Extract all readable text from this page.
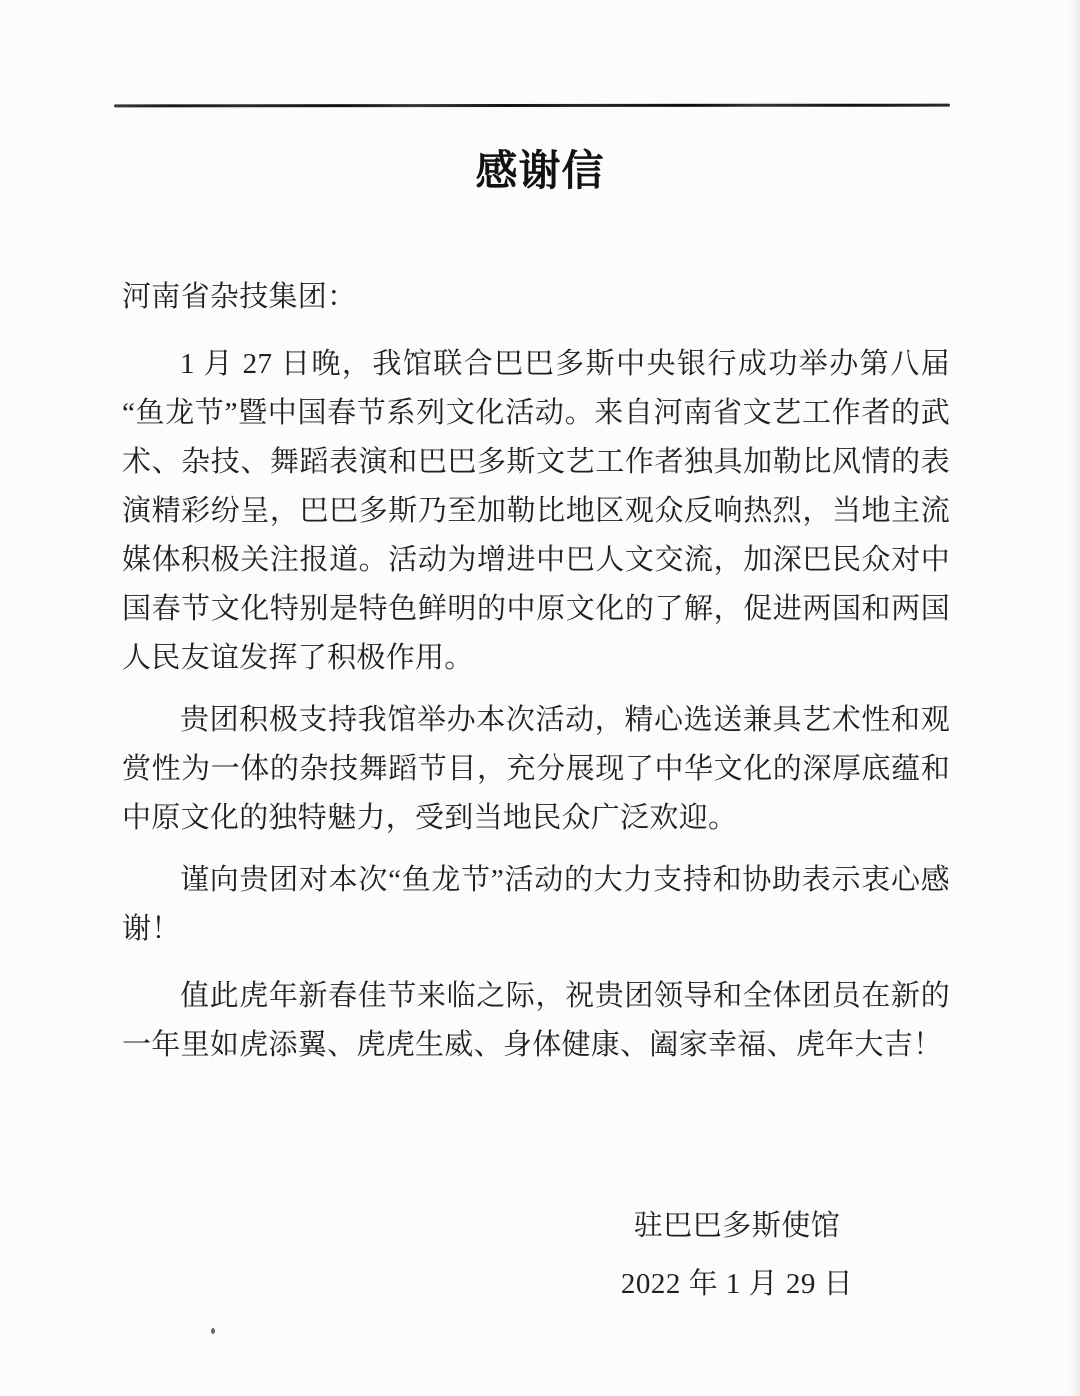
感谢信
河南省杂技集团：

1 月 27 日晚，我馆联合巴巴多斯中央银行成功举办第八届“鱼龙节”暨中国春节系列文化活动。来自河南省文艺工作者的武术、杂技、舞蹈表演和巴巴多斯文艺工作者独具加勒比风情的表演精彩纷呈，巴巴多斯乃至加勒比地区观众反响热烈，当地主流媒体积极关注报道。活动为增进中巴人文交流，加深巴民众对中国春节文化特别是特色鲜明的中原文化的了解，促进两国和两国人民友谊发挥了积极作用。

贵团积极支持我馆举办本次活动，精心选送兼具艺术性和观赏性为一体的杂技舞蹈节目，充分展现了中华文化的深厚底蕴和中原文化的独特魅力，受到当地民众广泛欢迎。

谨向贵团对本次“鱼龙节”活动的大力支持和协助表示衷心感谢！

值此虎年新春佳节来临之际，祝贵团领导和全体团员在新的一年里如虎添翼、虎虎生威、身体健康、阖家幸福、虎年大吉！

驻巴巴多斯使馆
2022 年 1 月 29 日
